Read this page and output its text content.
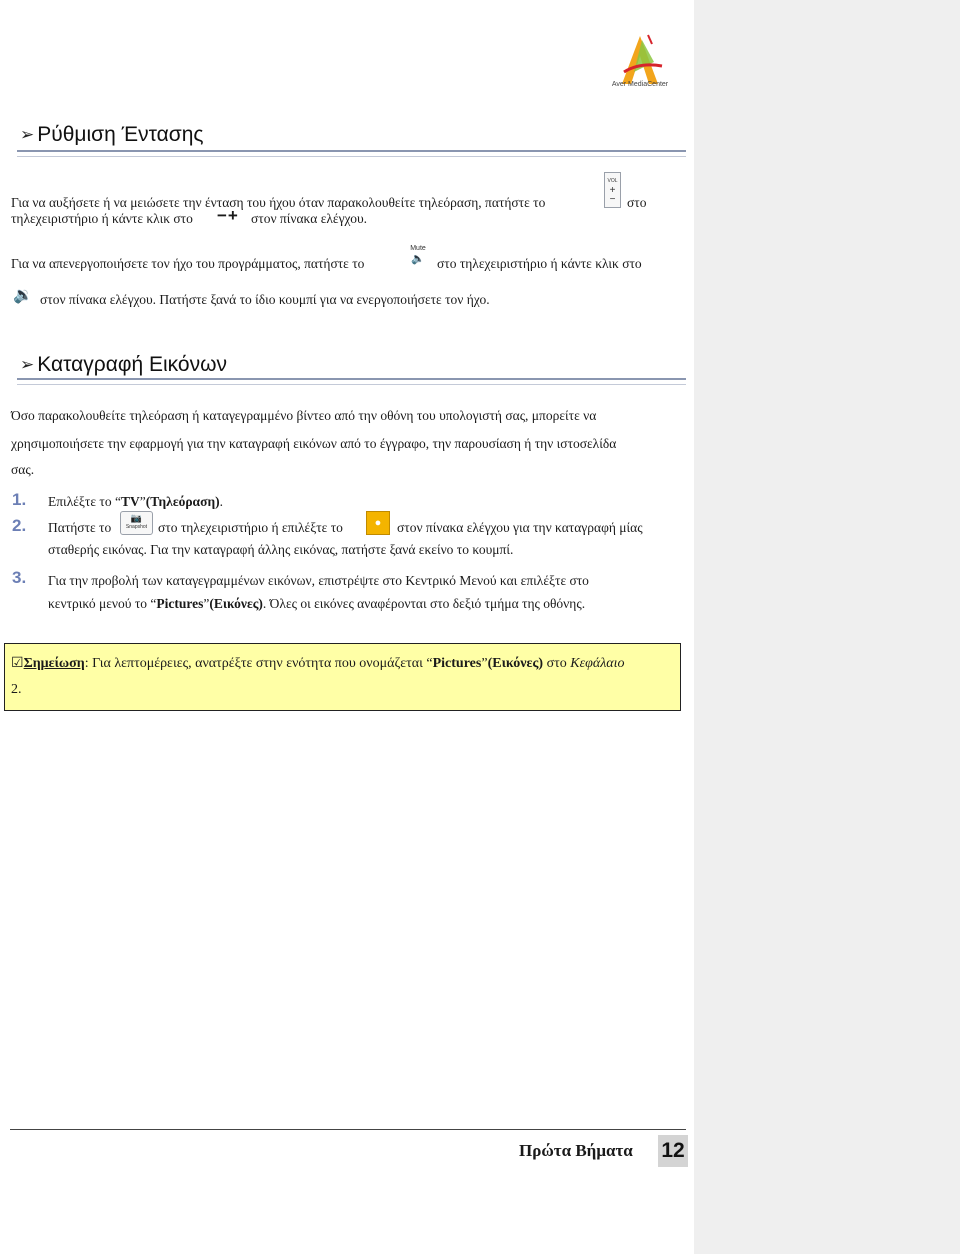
Aver MediaCenter
➢ Ρύθμιση Έντασης
Για να αυξήσετε ή να μειώσετε την ένταση του ήχου όταν παρακολουθείτε τηλεόραση, πατήστε το
VOL
+
− στο
τηλεχειριστήριο ή κάντε κλικ στο −+ στον πίνακα ελέγχου.
Για να απενεργοποιήσετε τον ήχο του προγράμματος, πατήστε το
Mute
🔈 στο τηλεχειριστήριο ή κάντε κλικ στο
🔉 στον πίνακα ελέγχου. Πατήστε ξανά το ίδιο κουμπί για να ενεργοποιήσετε τον ήχο.
➢ Καταγραφή Εικόνων
Όσο παρακολουθείτε τηλεόραση ή καταγεγραμμένο βίντεο από την οθόνη του υπολογιστή σας, μπορείτε να
χρησιμοποιήσετε την εφαρμογή για την καταγραφή εικόνων από το έγγραφο, την παρουσίαση ή την ιστοσελίδα
σας.
1. Επιλέξτε το “TV”(Τηλεόραση).
2. Πατήστε το
📷
Snapshot στο τηλεχειριστήριο ή επιλέξτε το	● στον πίνακα ελέγχου για την καταγραφή μίας
σταθερής εικόνας. Για την καταγραφή άλλης εικόνας, πατήστε ξανά εκείνο το κουμπί.
3. Για την προβολή των καταγεγραμμένων εικόνων, επιστρέψτε στο Κεντρικό Μενού και επιλέξτε στο
κεντρικό μενού το “Pictures”(Εικόνες). Όλες οι εικόνες αναφέρονται στο δεξιό τμήμα της οθόνης.
☑Σημείωση: Για λεπτομέρειες, ανατρέξτε στην ενότητα που ονομάζεται “Pictures”(Εικόνες) στο Κεφάλαιο
2.
Πρώτα Βήματα 12
